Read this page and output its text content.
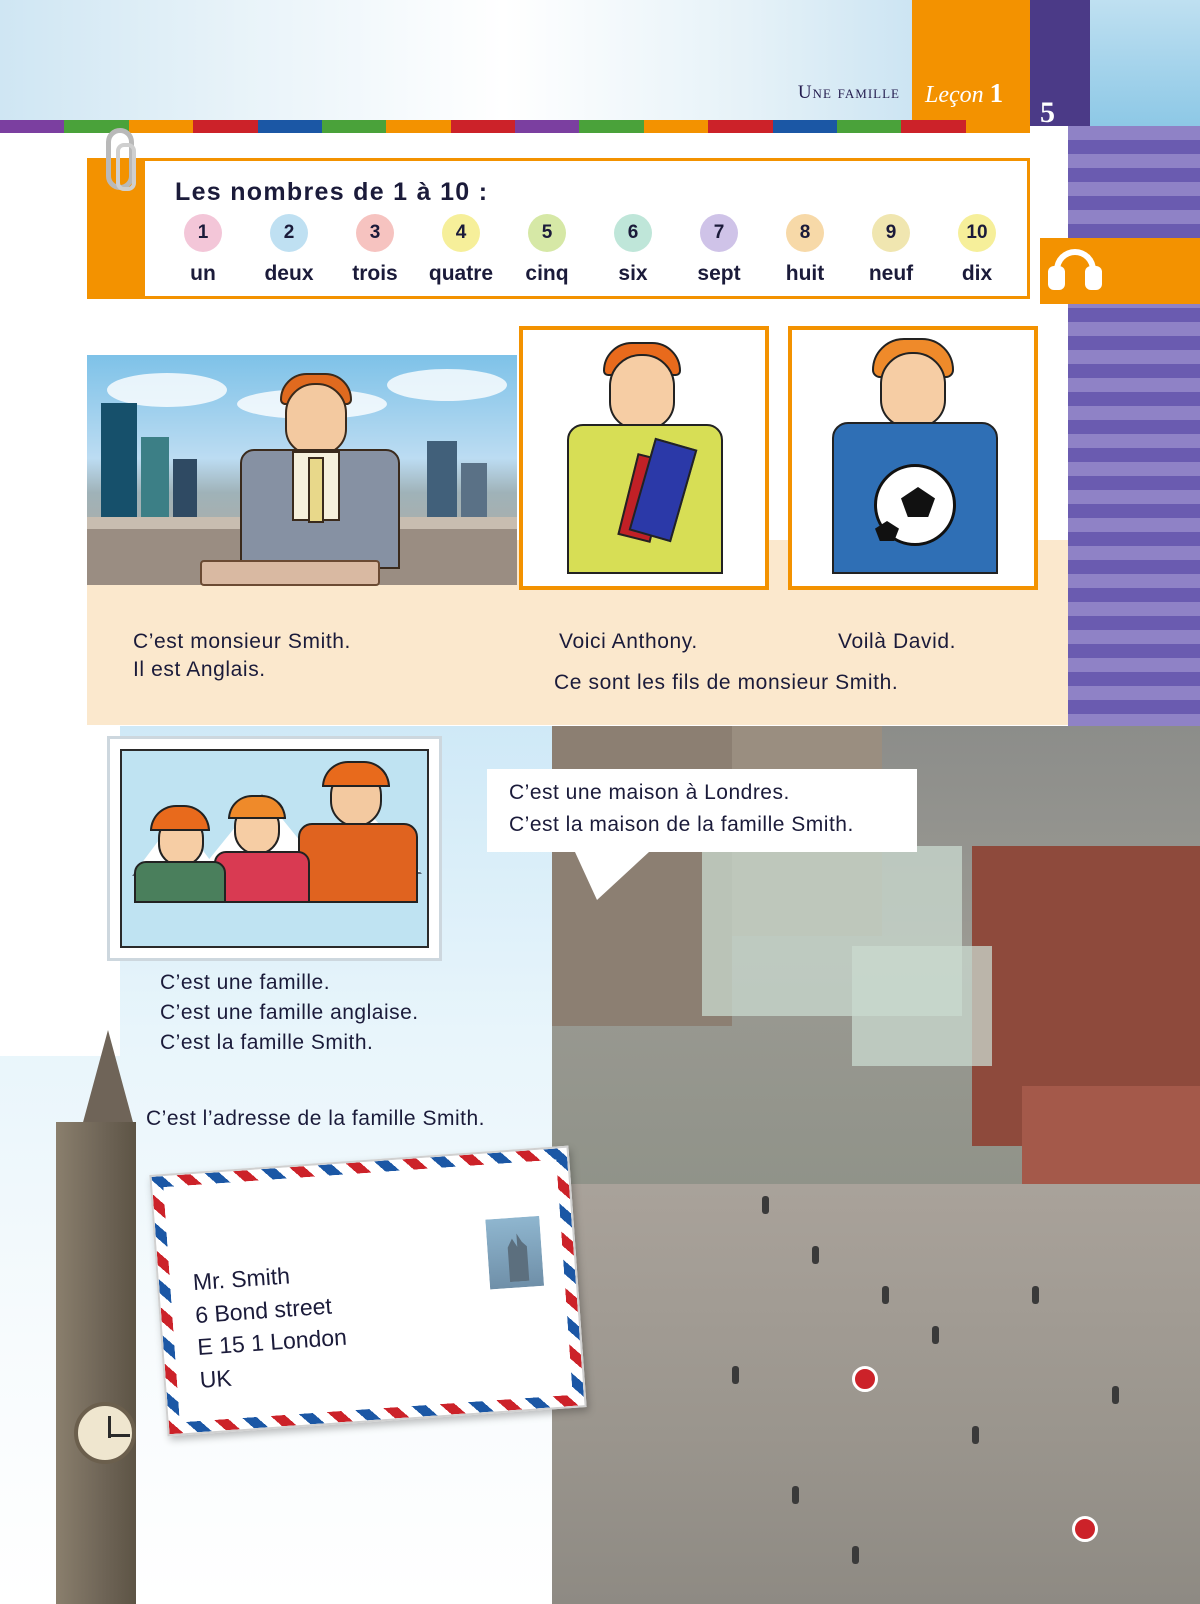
Une famille Leçon 1
5
Les nombres de 1 à 10 :
1
un
2
deux
3
trois
4
quatre
5
cinq
6
six
7
sept
8
huit
9
neuf
10
dix
C’est monsieur Smith.
Il est Anglais.
Voici Anthony.	Voilà David.
Ce sont les fils de monsieur Smith.

C’est une maison à Londres.

C’est la maison de la famille Smith.

C’est une famille.
C’est une famille anglaise.
C’est la famille Smith.
C’est l’adresse de la famille Smith.
Mr. Smith
6 Bond street
E 15 1 London
UK
